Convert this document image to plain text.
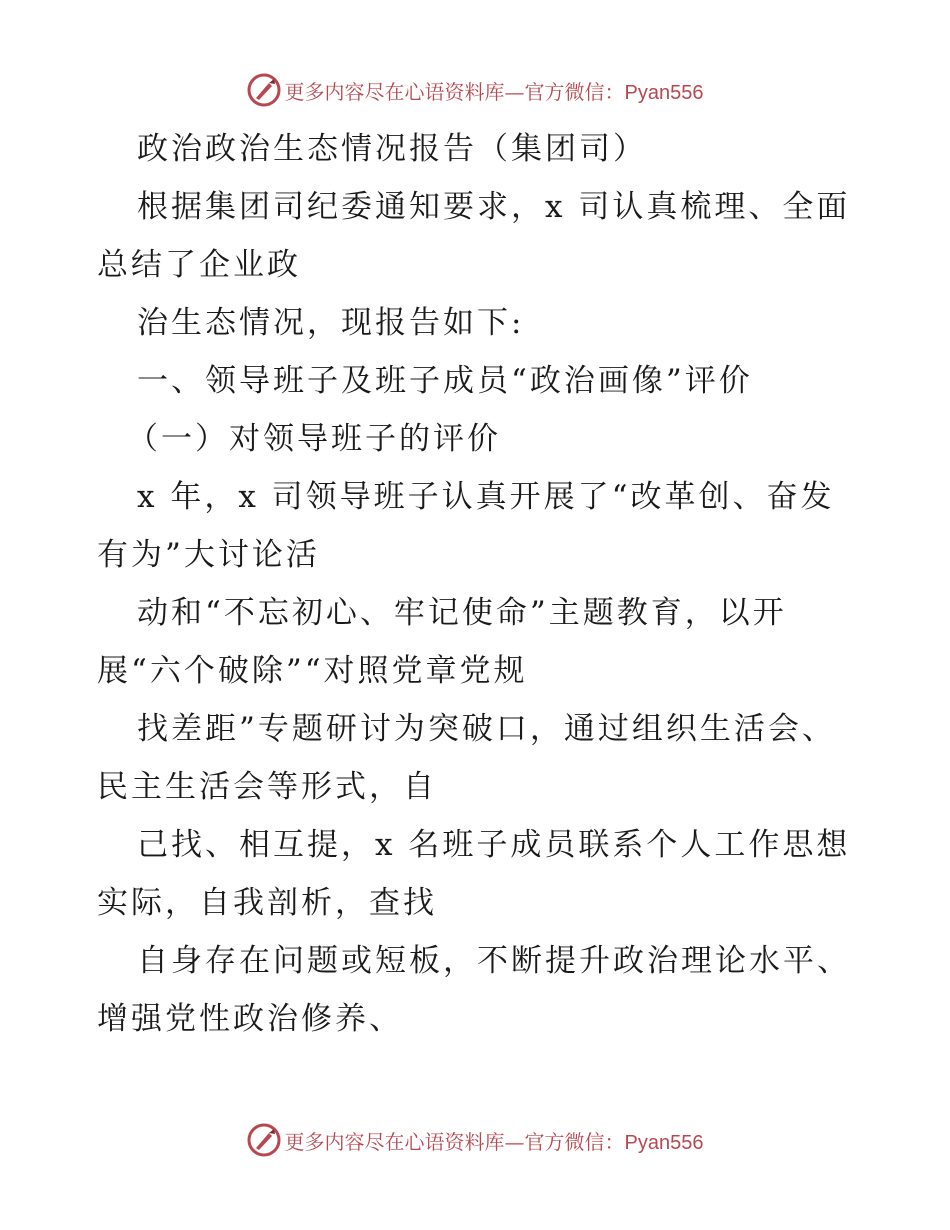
更多内容尽在心语资料库—官方微信：Pyan556
政治政治生态情况报告（集团司）
根据集团司纪委通知要求，x 司认真梳理、全面
总结了企业政
治生态情况，现报告如下:
一、领导班子及班子成员“政治画像”评价
（一）对领导班子的评价
x 年，x 司领导班子认真开展了“改革创、奋发
有为”大讨论活
动和“不忘初心、牢记使命”主题教育，以开
展“六个破除”“对照党章党规
找差距”专题研讨为突破口，通过组织生活会、
民主生活会等形式，自
己找、相互提，x 名班子成员联系个人工作思想
实际，自我剖析，查找
自身存在问题或短板，不断提升政治理论水平、
增强党性政治修养、
更多内容尽在心语资料库—官方微信：Pyan556
